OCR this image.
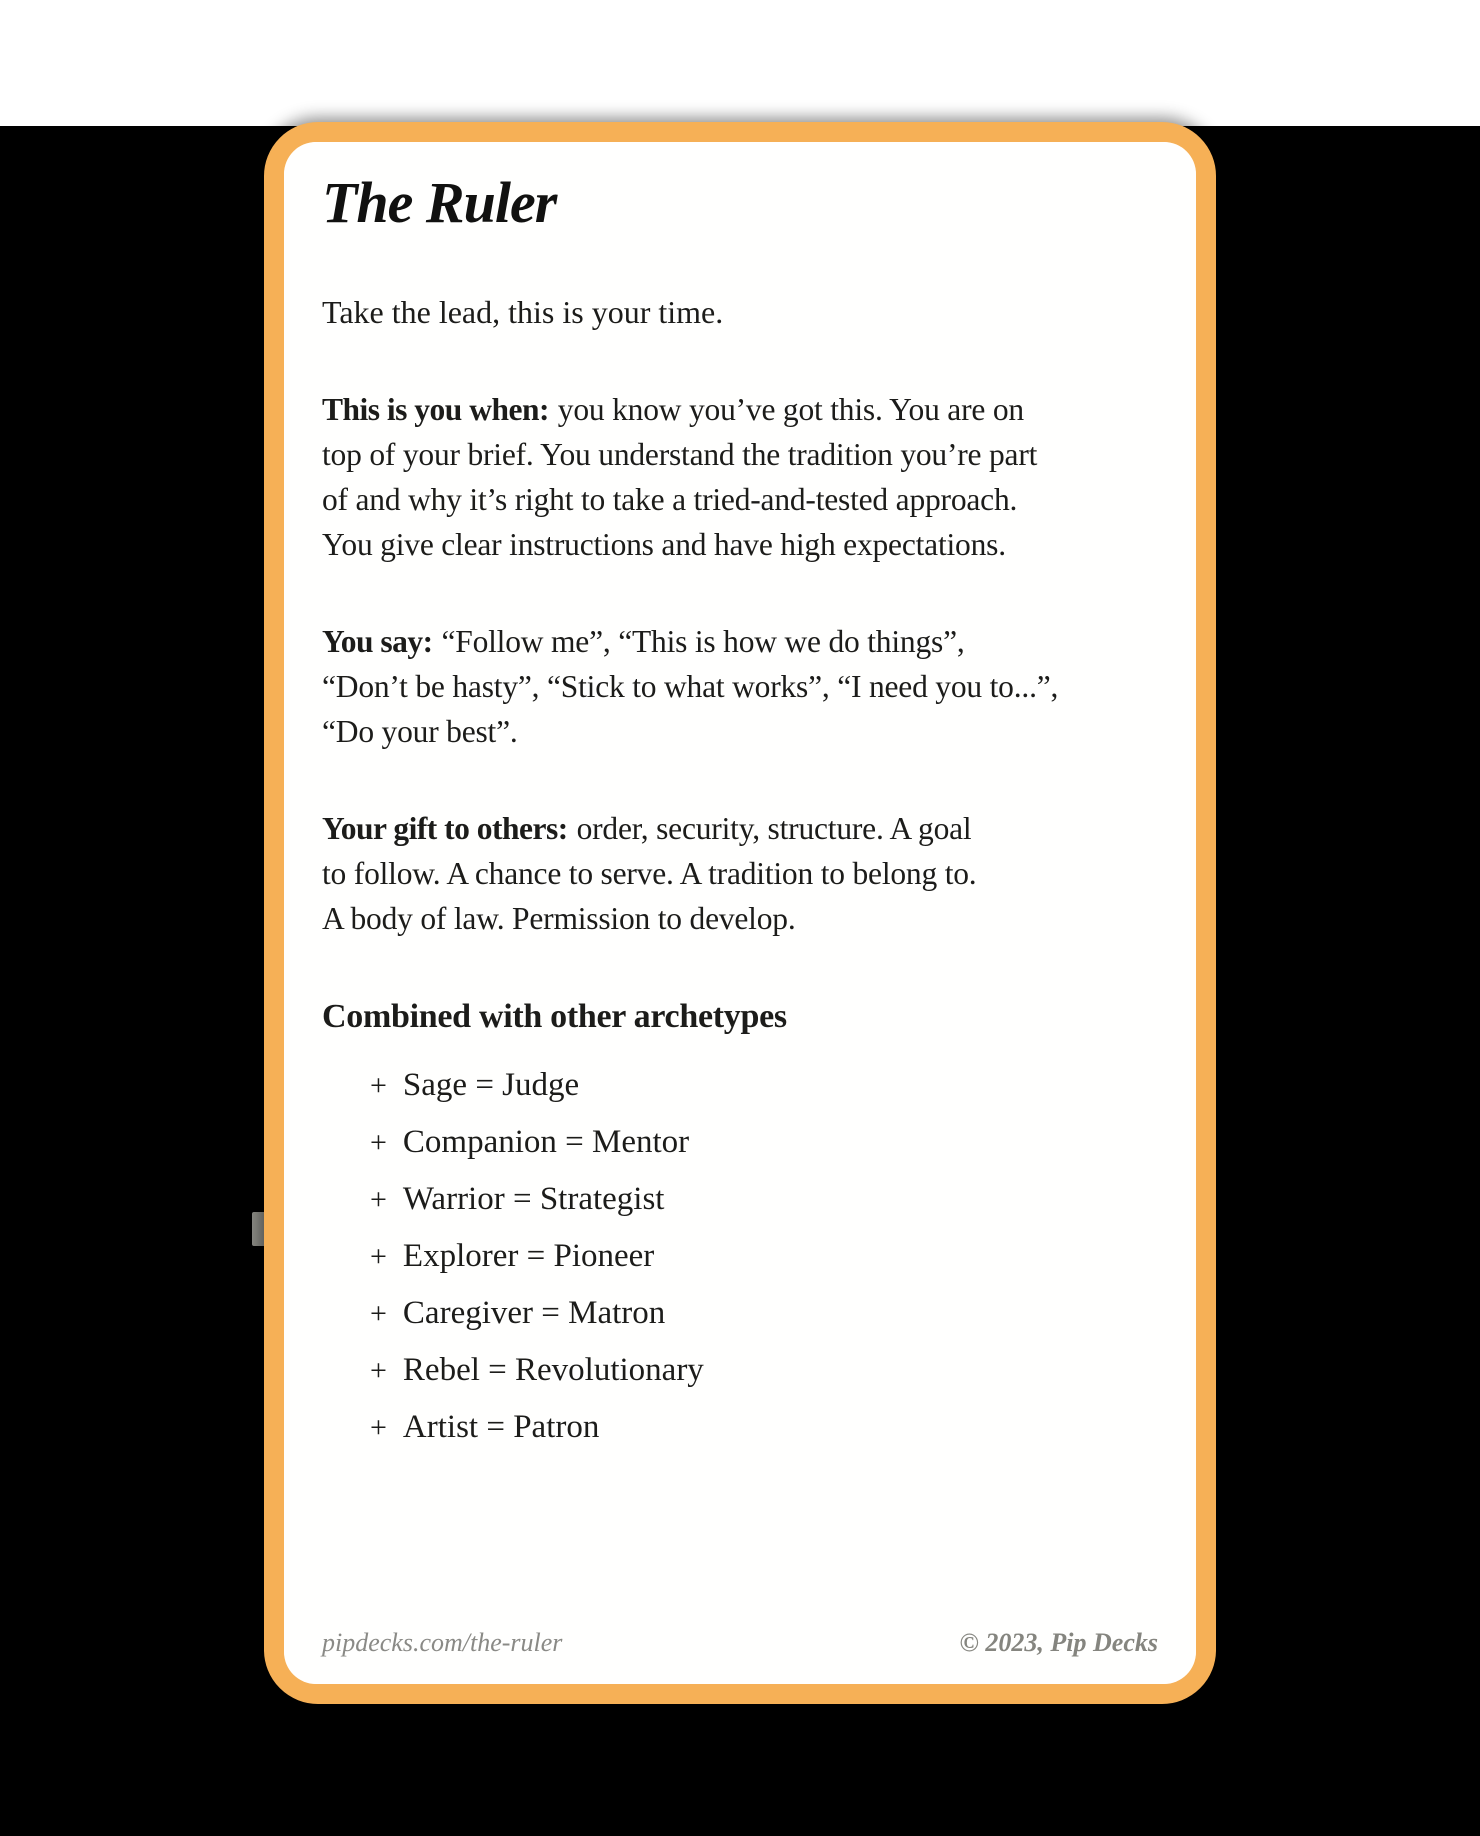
The Ruler

Take the lead, this is your time.

This is you when: you know you’ve got this. You are on
top of your brief. You understand the tradition you’re part
of and why it’s right to take a tried-and-tested approach.
You give clear instructions and have high expectations.

You say: “Follow me”, “This is how we do things”,
“Don’t be hasty”, “Stick to what works”, “I need you to...”,
“Do your best”.

Your gift to others: order, security, structure. A goal
to follow. A chance to serve. A tradition to belong to.
A body of law. Permission to develop.

Combined with other archetypes
+ Sage = Judge
+ Companion = Mentor
+ Warrior = Strategist
+ Explorer = Pioneer
+ Caregiver = Matron
+ Rebel = Revolutionary
+ Artist = Patron
pipdecks.com/the-ruler	© 2023, Pip Decks
